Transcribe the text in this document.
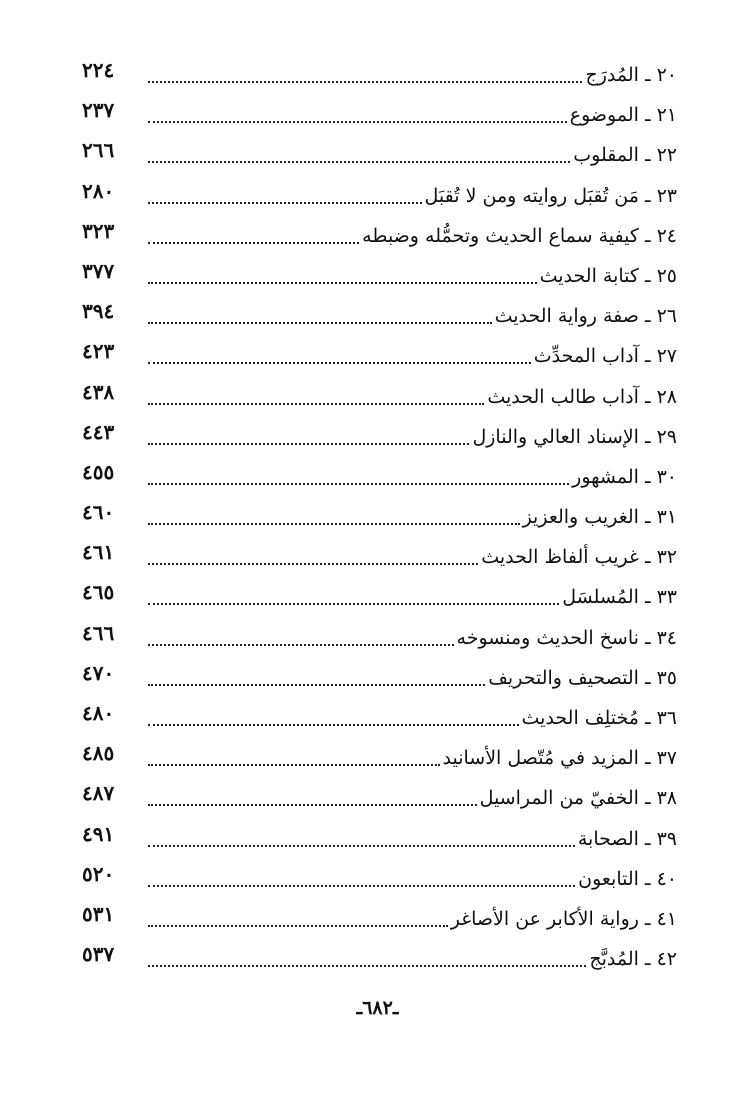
٢٢٤	٢٠ ـ المُدرَج
٢٣٧	٢١ ـ الموضوع
٢٦٦	٢٢ ـ المقلوب
٢٨٠	٢٣ ـ مَن تُقبَل روايته ومن لا تُقبَل
٣٢٣	٢٤ ـ كيفية سماع الحديث وتحمُّله وضبطه
٣٧٧	٢٥ ـ كتابة الحديث
٣٩٤	٢٦ ـ صفة رواية الحديث
٤٢٣	٢٧ ـ آداب المحدِّث
٤٣٨	٢٨ ـ آداب طالب الحديث
٤٤٣	٢٩ ـ الإسناد العالي والنازل
٤٥٥	٣٠ ـ المشهور
٤٦٠	٣١ ـ الغريب والعزيز
٤٦١	٣٢ ـ غريب ألفاظ الحديث
٤٦٥	٣٣ ـ المُسلسَل
٤٦٦	٣٤ ـ ناسخ الحديث ومنسوخه
٤٧٠	٣٥ ـ التصحيف والتحريف
٤٨٠	٣٦ ـ مُختلِف الحديث
٤٨٥	٣٧ ـ المزيد في مُتّصل الأسانيد
٤٨٧	٣٨ ـ الخفيّ من المراسيل
٤٩١	٣٩ ـ الصحابة
٥٢٠	٤٠ ـ التابعون
٥٣١	٤١ ـ رواية الأكابر عن الأصاغر
٥٣٧	٤٢ ـ المُدبَّج
ـ٦٨٢ـ
